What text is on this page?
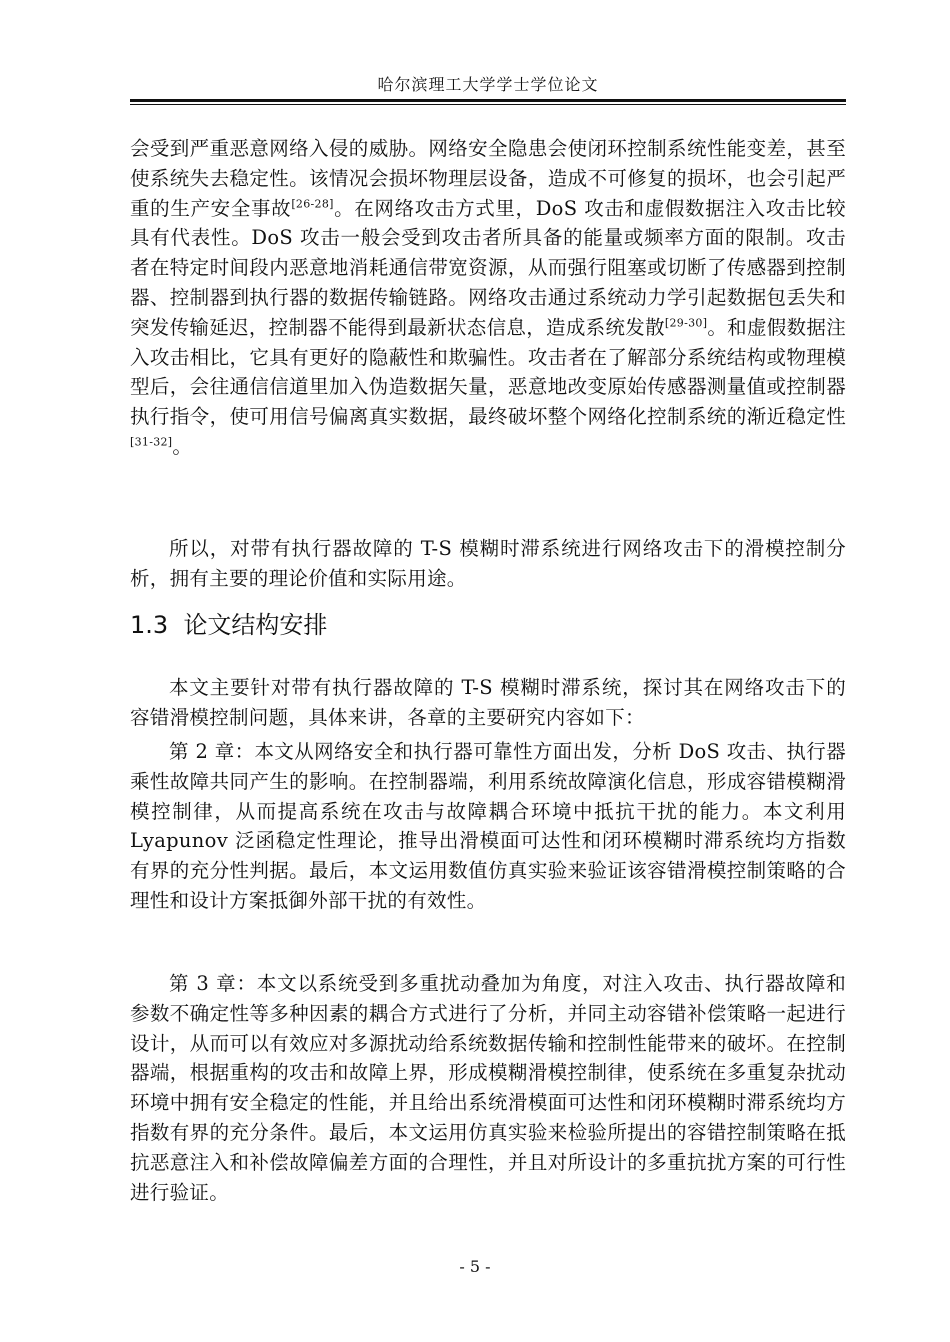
哈尔滨理工大学学士学位论文
会受到严重恶意网络入侵的威胁。网络安全隐患会使闭环控制系统性能变差，甚至使系统失去稳定性。该情况会损坏物理层设备，造成不可修复的损坏，也会引起严重的生产安全事故[26-28]。在网络攻击方式里，DoS 攻击和虚假数据注入攻击比较具有代表性。DoS 攻击一般会受到攻击者所具备的能量或频率方面的限制。攻击者在特定时间段内恶意地消耗通信带宽资源，从而强行阻塞或切断了传感器到控制器、控制器到执行器的数据传输链路。网络攻击通过系统动力学引起数据包丢失和突发传输延迟，控制器不能得到最新状态信息，造成系统发散[29-30]。和虚假数据注入攻击相比，它具有更好的隐蔽性和欺骗性。攻击者在了解部分系统结构或物理模型后，会往通信信道里加入伪造数据矢量，恶意地改变原始传感器测量值或控制器执行指令，使可用信号偏离真实数据，最终破坏整个网络化控制系统的渐近稳定性[31-32]。
所以，对带有执行器故障的 T-S 模糊时滞系统进行网络攻击下的滑模控制分析，拥有主要的理论价值和实际用途。
1.3 论文结构安排
本文主要针对带有执行器故障的 T-S 模糊时滞系统，探讨其在网络攻击下的容错滑模控制问题，具体来讲，各章的主要研究内容如下：
第 2 章：本文从网络安全和执行器可靠性方面出发，分析 DoS 攻击、执行器乘性故障共同产生的影响。在控制器端，利用系统故障演化信息，形成容错模糊滑模控制律，从而提高系统在攻击与故障耦合环境中抵抗干扰的能力。本文利用 Lyapunov 泛函稳定性理论，推导出滑模面可达性和闭环模糊时滞系统均方指数有界的充分性判据。最后，本文运用数值仿真实验来验证该容错滑模控制策略的合理性和设计方案抵御外部干扰的有效性。
第 3 章：本文以系统受到多重扰动叠加为角度，对注入攻击、执行器故障和参数不确定性等多种因素的耦合方式进行了分析，并同主动容错补偿策略一起进行设计，从而可以有效应对多源扰动给系统数据传输和控制性能带来的破坏。在控制器端，根据重构的攻击和故障上界，形成模糊滑模控制律，使系统在多重复杂扰动环境中拥有安全稳定的性能，并且给出系统滑模面可达性和闭环模糊时滞系统均方指数有界的充分条件。最后，本文运用仿真实验来检验所提出的容错控制策略在抵抗恶意注入和补偿故障偏差方面的合理性，并且对所设计的多重抗扰方案的可行性进行验证。
- 5 -
